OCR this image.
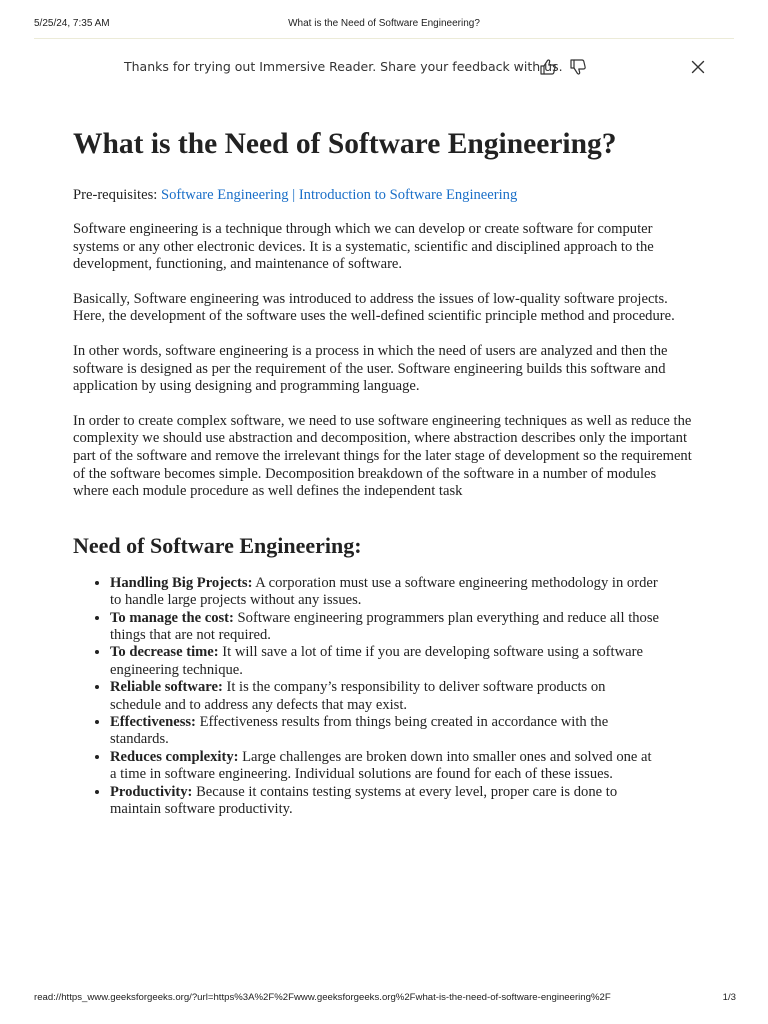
5/25/24, 7:35 AM	What is the Need of Software Engineering?
Thanks for trying out Immersive Reader. Share your feedback with us.
What is the Need of Software Engineering?
Pre-requisites: Software Engineering | Introduction to Software Engineering

Software engineering is a technique through which we can develop or create software for computer systems or any other electronic devices. It is a systematic, scientific and disciplined approach to the development, functioning, and maintenance of software.

Basically, Software engineering was introduced to address the issues of low-quality software projects. Here, the development of the software uses the well-defined scientific principle method and procedure.

In other words, software engineering is a process in which the need of users are analyzed and then the software is designed as per the requirement of the user. Software engineering builds this software and application by using designing and programming language.

In order to create complex software, we need to use software engineering techniques as well as reduce the complexity we should use abstraction and decomposition, where abstraction describes only the important part of the software and remove the irrelevant things for the later stage of development so the requirement of the software becomes simple. Decomposition breakdown of the software in a number of modules where each module procedure as well defines the independent task

Need of Software Engineering:
• Handling Big Projects: A corporation must use a software engineering methodology in order to handle large projects without any issues.
• To manage the cost: Software engineering programmers plan everything and reduce all those things that are not required.
• To decrease time: It will save a lot of time if you are developing software using a software engineering technique.
• Reliable software: It is the company’s responsibility to deliver software products on schedule and to address any defects that may exist.
• Effectiveness: Effectiveness results from things being created in accordance with the standards.
• Reduces complexity: Large challenges are broken down into smaller ones and solved one at a time in software engineering. Individual solutions are found for each of these issues.
• Productivity: Because it contains testing systems at every level, proper care is done to maintain software productivity.
read://https_www.geeksforgeeks.org/?url=https%3A%2F%2Fwww.geeksforgeeks.org%2Fwhat-is-the-need-of-software-engineering%2F	1/3
